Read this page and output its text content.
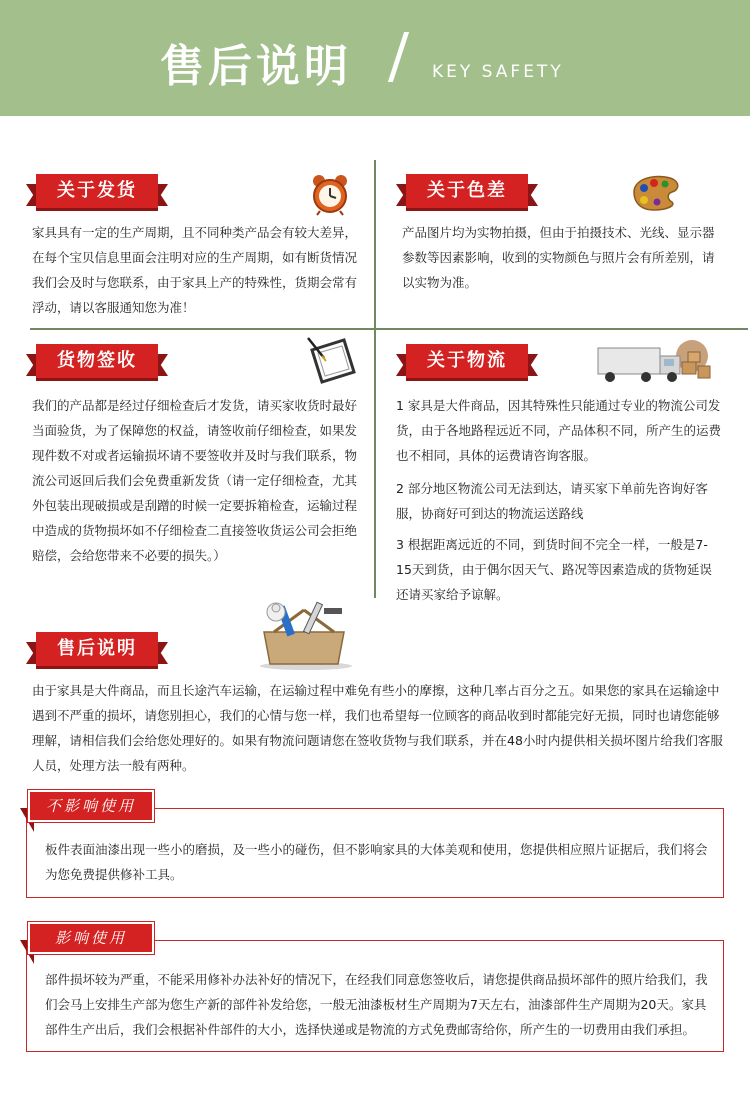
售后说明	KEY SAFETY
关于发货
家具具有一定的生产周期，且不同种类产品会有较大差异，在每个宝贝信息里面会注明对应的生产周期，如有断货情况我们会及时与您联系，由于家具上产的特殊性，货期会常有浮动，请以客服通知您为准！
关于色差
产品图片均为实物拍摄，但由于拍摄技术、光线、显示器参数等因素影响，收到的实物颜色与照片会有所差别，请以实物为准。
货物签收
我们的产品都是经过仔细检查后才发货，请买家收货时最好当面验货，为了保障您的权益，请签收前仔细检查，如果发现件数不对或者运输损坏请不要签收并及时与我们联系，物流公司返回后我们会免费重新发货（请一定仔细检查，尤其外包装出现破损或是刮蹭的时候一定要拆箱检查，运输过程中造成的货物损坏如不仔细检查二直接签收货运公司会拒绝赔偿，会给您带来不必要的损失。）
关于物流
1 家具是大件商品，因其特殊性只能通过专业的物流公司发货，由于各地路程远近不同，产品体积不同，所产生的运费也不相同，具体的运费请咨询客服。
2 部分地区物流公司无法到达，请买家下单前先咨询好客服，协商好可到达的物流运送路线
3 根据距离远近的不同，到货时间不完全一样，一般是7-15天到货，由于偶尔因天气、路况等因素造成的货物延误还请买家给予谅解。
售后说明
由于家具是大件商品，而且长途汽车运输，在运输过程中难免有些小的摩擦，这种几率占百分之五。如果您的家具在运输途中遇到不严重的损坏，请您别担心，我们的心情与您一样，我们也希望每一位顾客的商品收到时都能完好无损，同时也请您能够理解，请相信我们会给您处理好的。如果有物流问题请您在签收货物与我们联系，并在48小时内提供相关损坏图片给我们客服人员，处理方法一般有两种。
板件表面油漆出现一些小的磨损，及一些小的碰伤，但不影响家具的大体美观和使用，您提供相应照片证据后，我们将会为您免费提供修补工具。
不影响使用
部件损坏较为严重，不能采用修补办法补好的情况下，在经我们同意您签收后，请您提供商品损坏部件的照片给我们，我们会马上安排生产部为您生产新的部件补发给您，一般无油漆板材生产周期为7天左右，油漆部件生产周期为20天。家具部件生产出后，我们会根据补件部件的大小，选择快递或是物流的方式免费邮寄给你，所产生的一切费用由我们承担。
影响使用
